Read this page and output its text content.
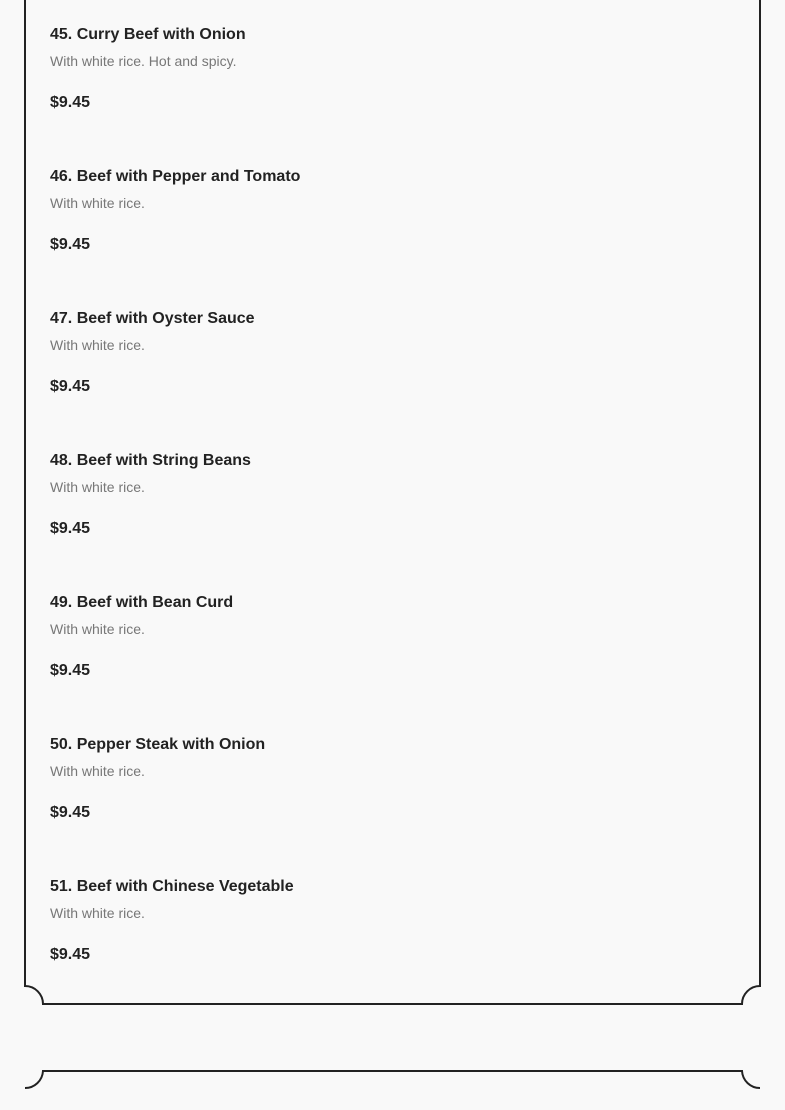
45. Curry Beef with Onion
With white rice. Hot and spicy.
$9.45
46. Beef with Pepper and Tomato
With white rice.
$9.45
47. Beef with Oyster Sauce
With white rice.
$9.45
48. Beef with String Beans
With white rice.
$9.45
49. Beef with Bean Curd
With white rice.
$9.45
50. Pepper Steak with Onion
With white rice.
$9.45
51. Beef with Chinese Vegetable
With white rice.
$9.45
